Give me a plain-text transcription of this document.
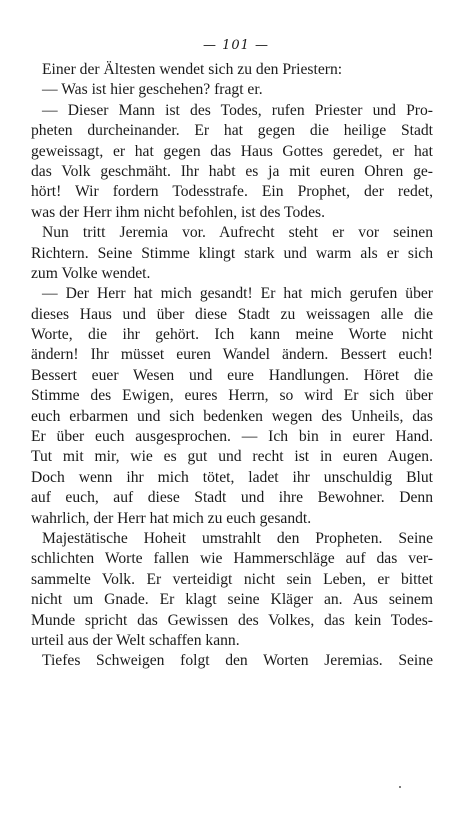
— 101 —
Einer der Ältesten wendet sich zu den Priestern:
— Was ist hier geschehen? fragt er.
— Dieser Mann ist des Todes, rufen Priester und Pro-
pheten durcheinander. Er hat gegen die heilige Stadt
geweissagt, er hat gegen das Haus Gottes geredet, er hat
das Volk geschmäht. Ihr habt es ja mit euren Ohren ge-
hört! Wir fordern Todesstrafe. Ein Prophet, der redet,
was der Herr ihm nicht befohlen, ist des Todes.
Nun tritt Jeremia vor. Aufrecht steht er vor seinen
Richtern. Seine Stimme klingt stark und warm als er sich
zum Volke wendet.
— Der Herr hat mich gesandt! Er hat mich gerufen über
dieses Haus und über diese Stadt zu weissagen alle die
Worte, die ihr gehört. Ich kann meine Worte nicht
ändern! Ihr müsset euren Wandel ändern. Bessert euch!
Bessert euer Wesen und eure Handlungen. Höret die
Stimme des Ewigen, eures Herrn, so wird Er sich über
euch erbarmen und sich bedenken wegen des Unheils, das
Er über euch ausgesprochen. — Ich bin in eurer Hand.
Tut mit mir, wie es gut und recht ist in euren Augen.
Doch wenn ihr mich tötet, ladet ihr unschuldig Blut
auf euch, auf diese Stadt und ihre Bewohner. Denn
wahrlich, der Herr hat mich zu euch gesandt.
Majestätische Hoheit umstrahlt den Propheten. Seine
schlichten Worte fallen wie Hammerschläge auf das ver-
sammelte Volk. Er verteidigt nicht sein Leben, er bittet
nicht um Gnade. Er klagt seine Kläger an. Aus seinem
Munde spricht das Gewissen des Volkes, das kein Todes-
urteil aus der Welt schaffen kann.
Tiefes Schweigen folgt den Worten Jeremias. Seine
